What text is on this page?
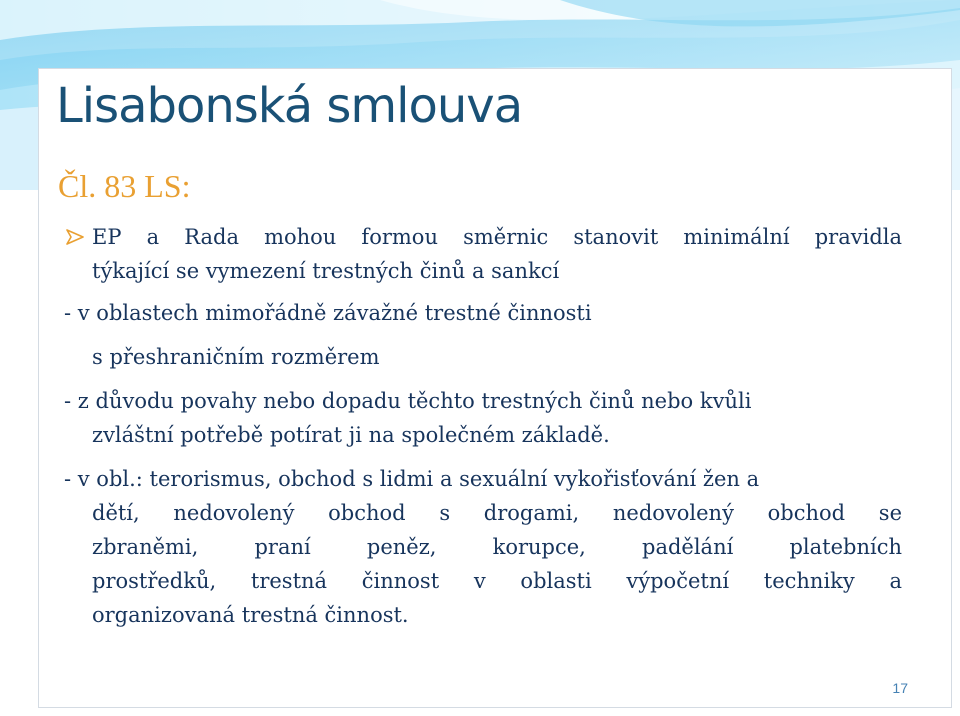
Lisabonská smlouva
Čl. 83 LS:
EP a Rada mohou formou směrnic stanovit minimální pravidla
týkající se vymezení trestných činů a sankcí
- v oblastech mimořádně závažné trestné činnosti
s přeshraničním rozměrem
- z důvodu povahy nebo dopadu těchto trestných činů nebo kvůli
zvláštní potřebě potírat ji na společném základě.
- v obl.: terorismus, obchod s lidmi a sexuální vykořisťování žen a
dětí, nedovolený obchod s drogami, nedovolený obchod se
zbraněmi, praní peněz, korupce, padělání platebních
prostředků, trestná činnost v oblasti výpočetní techniky a
organizovaná trestná činnost.
17
